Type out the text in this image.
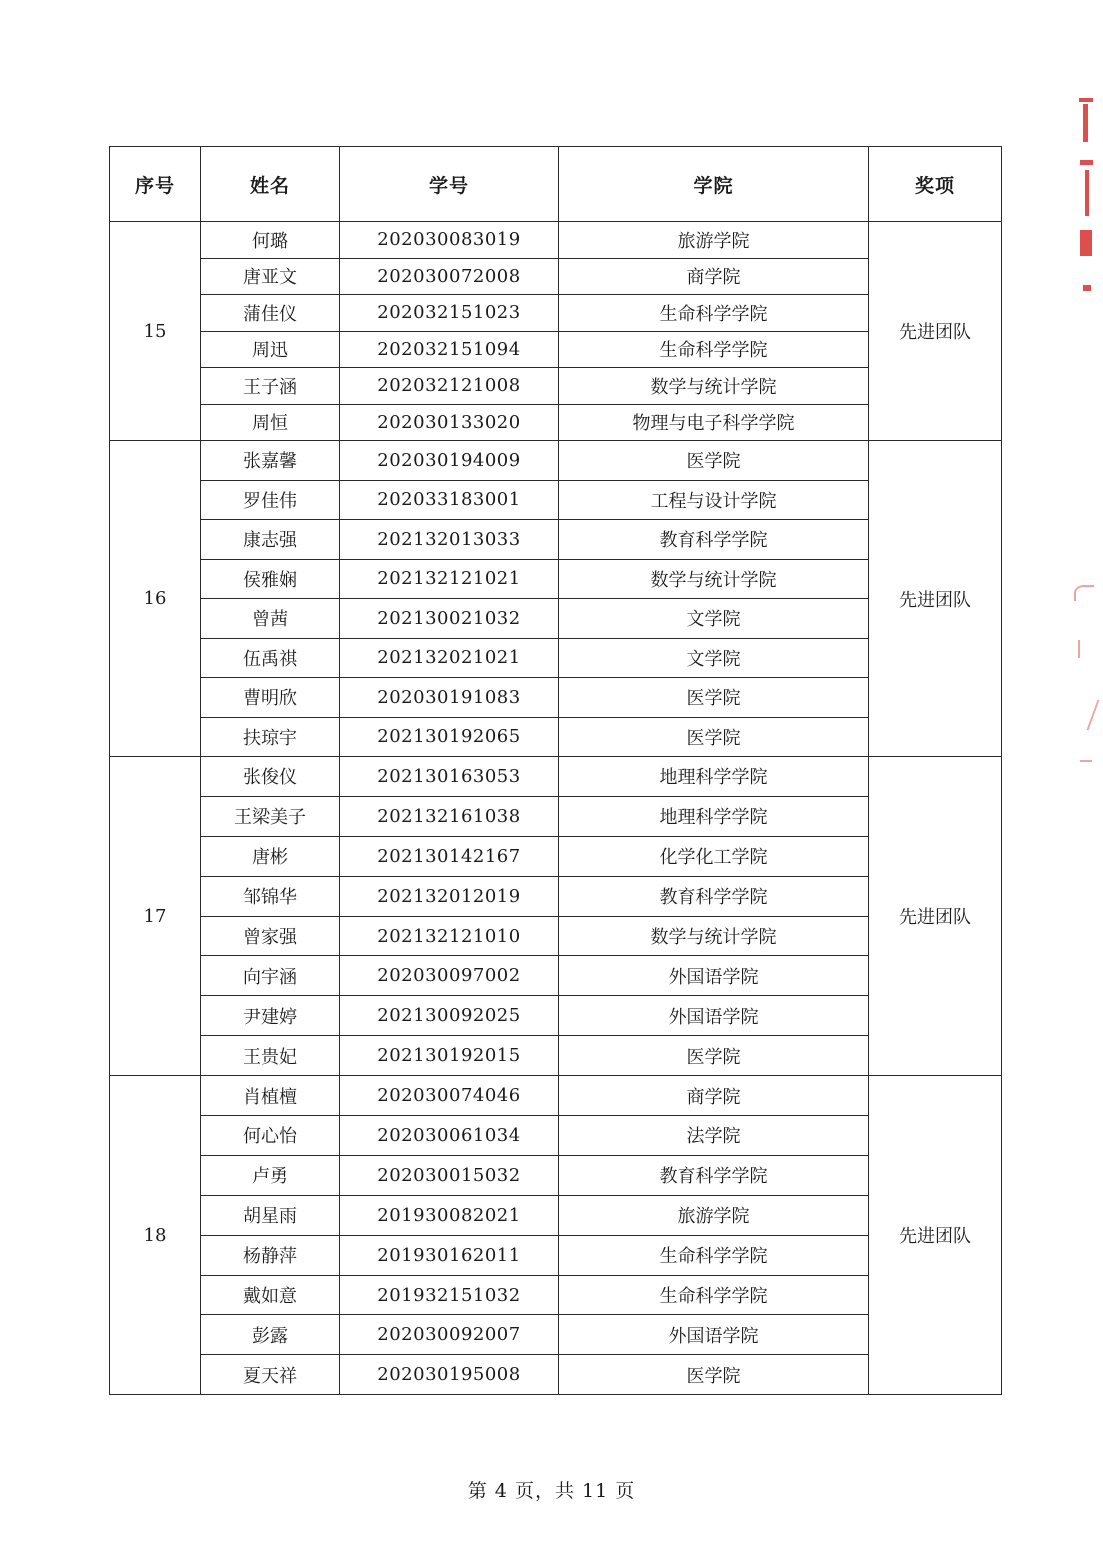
序号	姓名	学号	学院	奖项
15	何璐	202030083019	旅游学院	先进团队
	唐亚文	202030072008	商学院	
	蒲佳仪	202032151023	生命科学学院	
	周迅	202032151094	生命科学学院	
	王子涵	202032121008	数学与统计学院	
	周恒	202030133020	物理与电子科学学院	
16	张嘉馨	202030194009	医学院	先进团队
	罗佳伟	202033183001	工程与设计学院	
	康志强	202132013033	教育科学学院	
	侯雅娴	202132121021	数学与统计学院	
	曾茜	202130021032	文学院	
	伍禹祺	202132021021	文学院	
	曹明欣	202030191083	医学院	
	扶琼宇	202130192065	医学院	
17	张俊仪	202130163053	地理科学学院	先进团队
	王梁美子	202132161038	地理科学学院	
	唐彬	202130142167	化学化工学院	
	邹锦华	202132012019	教育科学学院	
	曾家强	202132121010	数学与统计学院	
	向宇涵	202030097002	外国语学院	
	尹建婷	202130092025	外国语学院	
	王贵妃	202130192015	医学院	
18	肖植檀	202030074046	商学院	先进团队
	何心怡	202030061034	法学院	
	卢勇	202030015032	教育科学学院	
	胡星雨	201930082021	旅游学院	
	杨静萍	201930162011	生命科学学院	
	戴如意	201932151032	生命科学学院	
	彭露	202030092007	外国语学院	
	夏天祥	202030195008	医学院	
第 4 页，共 11 页
